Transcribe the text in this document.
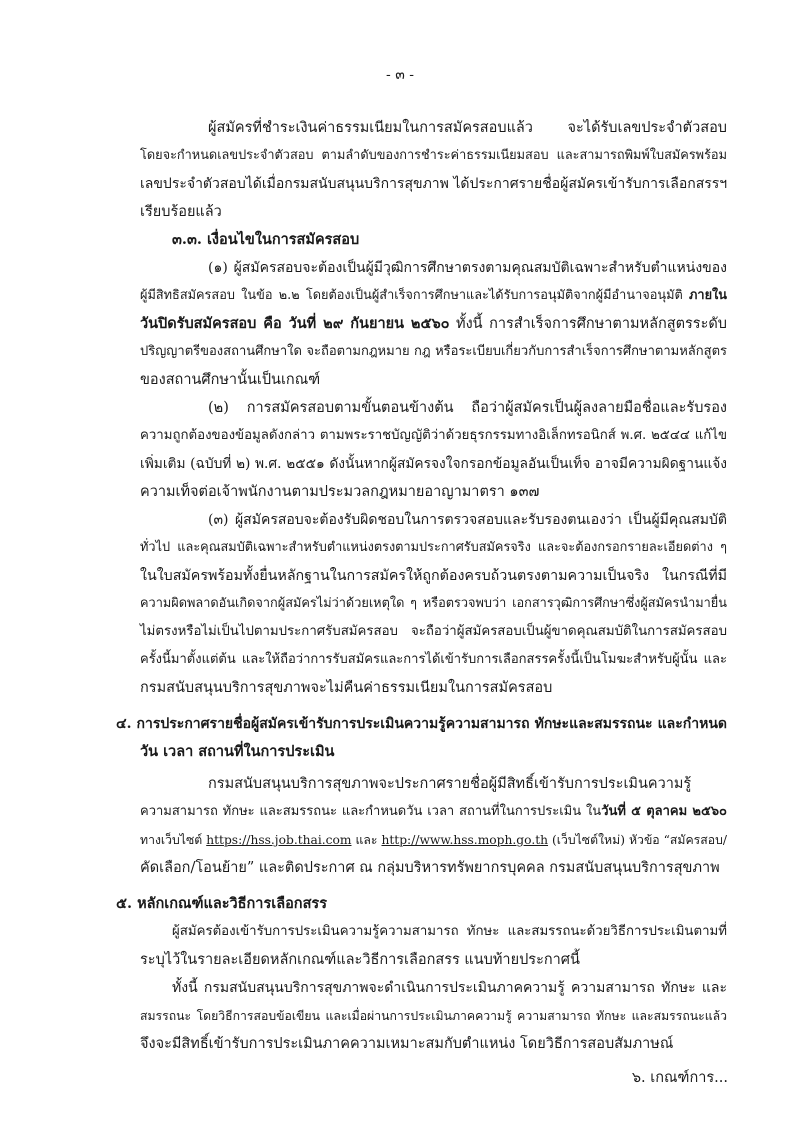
- ๓ -
ผู้สมัครที่ชำระเงินค่าธรรมเนียมในการสมัครสอบแล้ว จะได้รับเลขประจำตัวสอบ
โดยจะกำหนดเลขประจำตัวสอบ ตามลำดับของการชำระค่าธรรมเนียมสอบ และสามารถพิมพ์ใบสมัครพร้อม
เลขประจำตัวสอบได้เมื่อกรมสนับสนุนบริการสุขภาพ ได้ประกาศรายชื่อผู้สมัครเข้ารับการเลือกสรรฯ
เรียบร้อยแล้ว
๓.๓. เงื่อนไขในการสมัครสอบ
(๑) ผู้สมัครสอบจะต้องเป็นผู้มีวุฒิการศึกษาตรงตามคุณสมบัติเฉพาะสำหรับตำแหน่งของ
ผู้มีสิทธิสมัครสอบ ในข้อ ๒.๒ โดยต้องเป็นผู้สำเร็จการศึกษาและได้รับการอนุมัติจากผู้มีอำนาจอนุมัติ ภายใน
วันปิดรับสมัครสอบ คือ วันที่ ๒๙ กันยายน ๒๕๖๐ ทั้งนี้ การสำเร็จการศึกษาตามหลักสูตรระดับ
ปริญญาตรีของสถานศึกษาใด จะถือตามกฎหมาย กฎ หรือระเบียบเกี่ยวกับการสำเร็จการศึกษาตามหลักสูตร
ของสถานศึกษานั้นเป็นเกณฑ์
(๒) การสมัครสอบตามขั้นตอนข้างต้น ถือว่าผู้สมัครเป็นผู้ลงลายมือชื่อและรับรอง
ความถูกต้องของข้อมูลดังกล่าว ตามพระราชบัญญัติว่าด้วยธุรกรรมทางอิเล็กทรอนิกส์ พ.ศ. ๒๕๔๔ แก้ไข
เพิ่มเติม (ฉบับที่ ๒) พ.ศ. ๒๕๕๑ ดังนั้นหากผู้สมัครจงใจกรอกข้อมูลอันเป็นเท็จ อาจมีความผิดฐานแจ้ง
ความเท็จต่อเจ้าพนักงานตามประมวลกฎหมายอาญามาตรา ๑๓๗
(๓) ผู้สมัครสอบจะต้องรับผิดชอบในการตรวจสอบและรับรองตนเองว่า เป็นผู้มีคุณสมบัติ
ทั่วไป และคุณสมบัติเฉพาะสำหรับตำแหน่งตรงตามประกาศรับสมัครจริง และจะต้องกรอกรายละเอียดต่าง ๆ
ในใบสมัครพร้อมทั้งยื่นหลักฐานในการสมัครให้ถูกต้องครบถ้วนตรงตามความเป็นจริง ในกรณีที่มี
ความผิดพลาดอันเกิดจากผู้สมัครไม่ว่าด้วยเหตุใด ๆ หรือตรวจพบว่า เอกสารวุฒิการศึกษาซึ่งผู้สมัครนำมายื่น
ไม่ตรงหรือไม่เป็นไปตามประกาศรับสมัครสอบ จะถือว่าผู้สมัครสอบเป็นผู้ขาดคุณสมบัติในการสมัครสอบ
ครั้งนี้มาตั้งแต่ต้น และให้ถือว่าการรับสมัครและการได้เข้ารับการเลือกสรรครั้งนี้เป็นโมฆะสำหรับผู้นั้น และ
กรมสนับสนุนบริการสุขภาพจะไม่คืนค่าธรรมเนียมในการสมัครสอบ
๔. การประกาศรายชื่อผู้สมัครเข้ารับการประเมินความรู้ความสามารถ ทักษะและสมรรถนะ และกำหนด
วัน เวลา สถานที่ในการประเมิน
กรมสนับสนุนบริการสุขภาพจะประกาศรายชื่อผู้มีสิทธิ์เข้ารับการประเมินความรู้
ความสามารถ ทักษะ และสมรรถนะ และกำหนดวัน เวลา สถานที่ในการประเมิน ในวันที่ ๕ ตุลาคม ๒๕๖๐
ทางเว็บไซต์ https://hss.job.thai.com และ http://www.hss.moph.go.th (เว็บไซต์ใหม่) หัวข้อ “สมัครสอบ/
คัดเลือก/โอนย้าย” และติดประกาศ ณ กลุ่มบริหารทรัพยากรบุคคล กรมสนับสนุนบริการสุขภาพ
๕. หลักเกณฑ์และวิธีการเลือกสรร
ผู้สมัครต้องเข้ารับการประเมินความรู้ความสามารถ ทักษะ และสมรรถนะด้วยวิธีการประเมินตามที่
ระบุไว้ในรายละเอียดหลักเกณฑ์และวิธีการเลือกสรร แนบท้ายประกาศนี้
ทั้งนี้ กรมสนับสนุนบริการสุขภาพจะดำเนินการประเมินภาคความรู้ ความสามารถ ทักษะ และ
สมรรถนะ โดยวิธีการสอบข้อเขียน และเมื่อผ่านการประเมินภาคความรู้ ความสามารถ ทักษะ และสมรรถนะแล้ว
จึงจะมีสิทธิ์เข้ารับการประเมินภาคความเหมาะสมกับตำแหน่ง โดยวิธีการสอบสัมภาษณ์
๖. เกณฑ์การ...
